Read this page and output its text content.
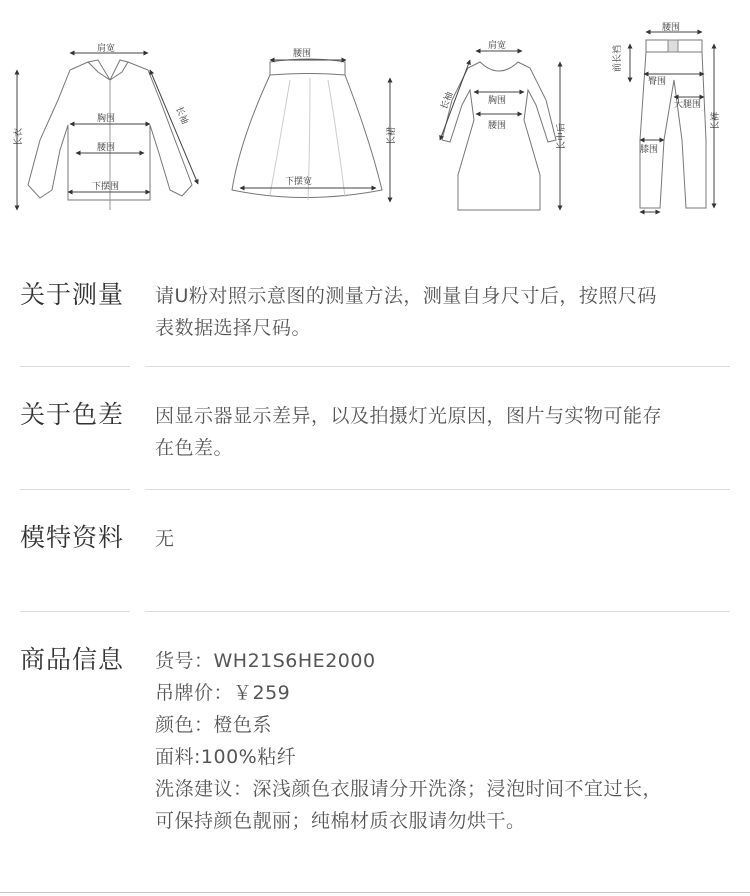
肩宽
胸围
腰围
下摆围
长衣
长袖
腰围
下摆宽
长裙
肩宽
胸围
腰围
长袖
长中后
腰围
前长裆
臀围
大腿围
膝围
长裤
关于测量	请U粉对照示意图的测量方法，测量自身尺寸后，按照尺码
表数据选择尺码。
关于色差	因显示器显示差异，以及拍摄灯光原因，图片与实物可能存
在色差。
模特资料	无
商品信息	货号：WH21S6HE2000
吊牌价：￥259
颜色：橙色系
面料:100%粘纤
洗涤建议：深浅颜色衣服请分开洗涤；浸泡时间不宜过长，
可保持颜色靓丽；纯棉材质衣服请勿烘干。
